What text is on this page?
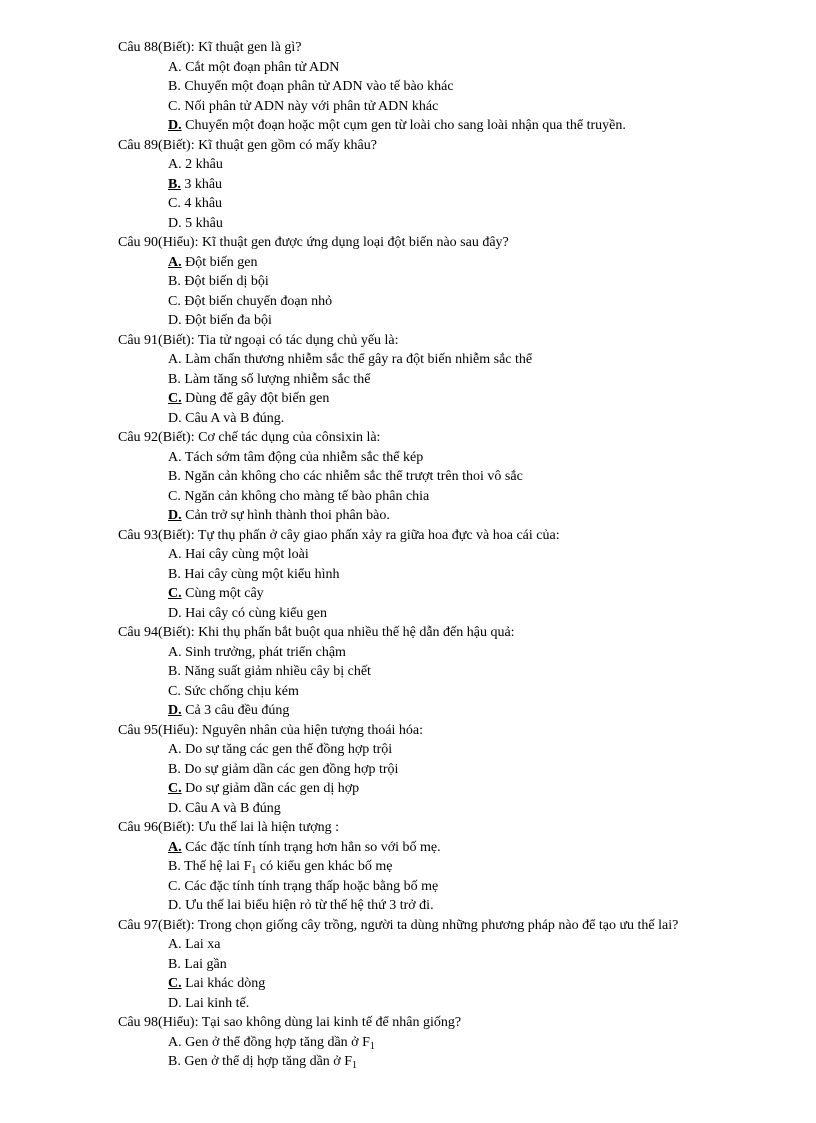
Câu 88(Biết): Kĩ thuật gen là gì?
A. Cắt một đoạn phân tử ADN
B. Chuyển một đoạn phân tử ADN vào tế bào khác
C. Nối phân tử ADN này với phân tử ADN khác
D. Chuyển một đoạn hoặc một cụm gen từ loài cho sang loài nhận qua thể truyền.
Câu 89(Biết): Kĩ thuật gen gồm có mấy khâu?
A. 2 khâu
B. 3 khâu
C. 4 khâu
D. 5 khâu
Câu 90(Hiểu): Kĩ thuật gen được ứng dụng loại đột biến nào sau đây?
A. Đột biến gen
B. Đột biến dị bội
C. Đột biến chuyển đoạn nhỏ
D. Đột biến đa bội
Câu 91(Biết): Tia tử ngoại có tác dụng chủ yếu là:
A. Làm chấn thương nhiễm sắc thể gây ra đột biến nhiễm sắc thể
B. Làm tăng số lượng nhiễm sắc thể
C. Dùng để gây đột biến gen
D. Câu A và B đúng.
Câu 92(Biết): Cơ chế tác dụng của cônsixin là:
A. Tách sớm tâm động của nhiễm sắc thể kép
B. Ngăn cản không cho các nhiễm sắc thể trượt trên thoi vô sắc
C. Ngăn cản không cho màng tế bào phân chia
D. Cản trở sự hình thành thoi phân bào.
Câu 93(Biết): Tự thụ phấn ở cây giao phấn xảy ra giữa hoa đực và hoa cái của:
A. Hai cây cùng một loài
B. Hai cây cùng một kiểu hình
C. Cùng một cây
D. Hai cây có cùng kiểu gen
Câu 94(Biết): Khi thụ phấn bắt buột qua nhiều thế hệ dẫn đến hậu quả:
A. Sinh trưởng, phát triển chậm
B. Năng suất giảm nhiều cây bị chết
C. Sức chống chịu kém
D. Cả 3 câu đều đúng
Câu 95(Hiểu): Nguyên nhân của hiện tượng thoái hóa:
A. Do sự tăng các gen thể đồng hợp trội
B. Do sự giảm dần các gen đồng hợp trội
C. Do sự giảm dần các gen dị hợp
D. Câu A và B đúng
Câu 96(Biết): Ưu thế lai là hiện tượng :
A. Các đặc tính tính trạng hơn hẳn so với bố mẹ.
B. Thế hệ lai $F_1$ có kiểu gen khác bố mẹ
C. Các đặc tính tính trạng thấp hoặc bằng bố mẹ
D. Ưu thế lai biểu hiện rỏ từ thế hệ thứ 3 trở đi.
Câu 97(Biết): Trong chọn giống cây trồng, người ta dùng những phương pháp nào để tạo ưu thế lai?
A. Lai xa
B. Lai gần
C. Lai khác dòng
D. Lai kinh tế.
Câu 98(Hiểu): Tại sao không dùng lai kinh tế để nhân giống?
A. Gen ở thể đồng hợp tăng dần ở $F_1$
B. Gen ở thể dị hợp tăng dần ở $F_1$
